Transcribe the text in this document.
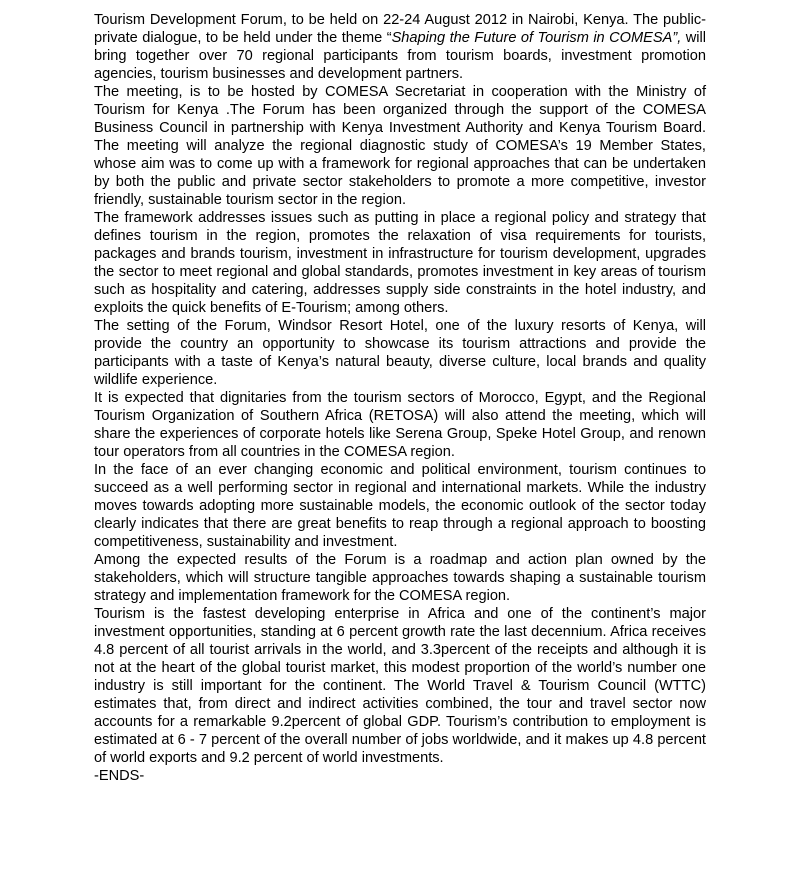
Tourism Development Forum, to be held on 22-24 August 2012 in Nairobi, Kenya. The public-private dialogue, to be held under the theme “Shaping the Future of Tourism in COMESA”, will bring together over 70 regional participants from tourism boards, investment promotion agencies, tourism businesses and development partners.

The meeting, is to be hosted by COMESA Secretariat in cooperation with the Ministry of Tourism for Kenya .The Forum has been organized through the support of the COMESA Business Council in partnership with Kenya Investment Authority and Kenya Tourism Board. The meeting will analyze the regional diagnostic study of COMESA’s 19 Member States, whose aim was to come up with a framework for regional approaches that can be undertaken by both the public and private sector stakeholders to promote a more competitive, investor friendly, sustainable tourism sector in the region.

The framework addresses issues such as putting in place a regional policy and strategy that defines tourism in the region, promotes the relaxation of visa requirements for tourists, packages and brands tourism, investment in infrastructure for tourism development, upgrades the sector to meet regional and global standards, promotes investment in key areas of tourism such as hospitality and catering, addresses supply side constraints in the hotel industry, and exploits the quick benefits of E-Tourism; among others.

The setting of the Forum, Windsor Resort Hotel, one of the luxury resorts of Kenya, will provide the country an opportunity to showcase its tourism attractions and provide the participants with a taste of Kenya’s natural beauty, diverse culture, local brands and quality wildlife experience.

It is expected that dignitaries from the tourism sectors of Morocco, Egypt, and the Regional Tourism Organization of Southern Africa (RETOSA) will also attend the meeting, which will share the experiences of corporate hotels like Serena Group, Speke Hotel Group, and renown tour operators from all countries in the COMESA region.

In the face of an ever changing economic and political environment, tourism continues to succeed as a well performing sector in regional and international markets. While the industry moves towards adopting more sustainable models, the economic outlook of the sector today clearly indicates that there are great benefits to reap through a regional approach to boosting competitiveness, sustainability and investment.

Among the expected results of the Forum is a roadmap and action plan owned by the stakeholders, which will structure tangible approaches towards shaping a sustainable tourism strategy and implementation framework for the COMESA region.

Tourism is the fastest developing enterprise in Africa and one of the continent’s major investment opportunities, standing at 6 percent growth rate the last decennium. Africa receives 4.8 percent of all tourist arrivals in the world, and 3.3percent of the receipts and although it is not at the heart of the global tourist market, this modest proportion of the world’s number one industry is still important for the continent. The World Travel & Tourism Council (WTTC) estimates that, from direct and indirect activities combined, the tour and travel sector now accounts for a remarkable 9.2percent of global GDP. Tourism’s contribution to employment is estimated at 6 - 7 percent of the overall number of jobs worldwide, and it makes up 4.8 percent of world exports and 9.2 percent of world investments.

-ENDS-
